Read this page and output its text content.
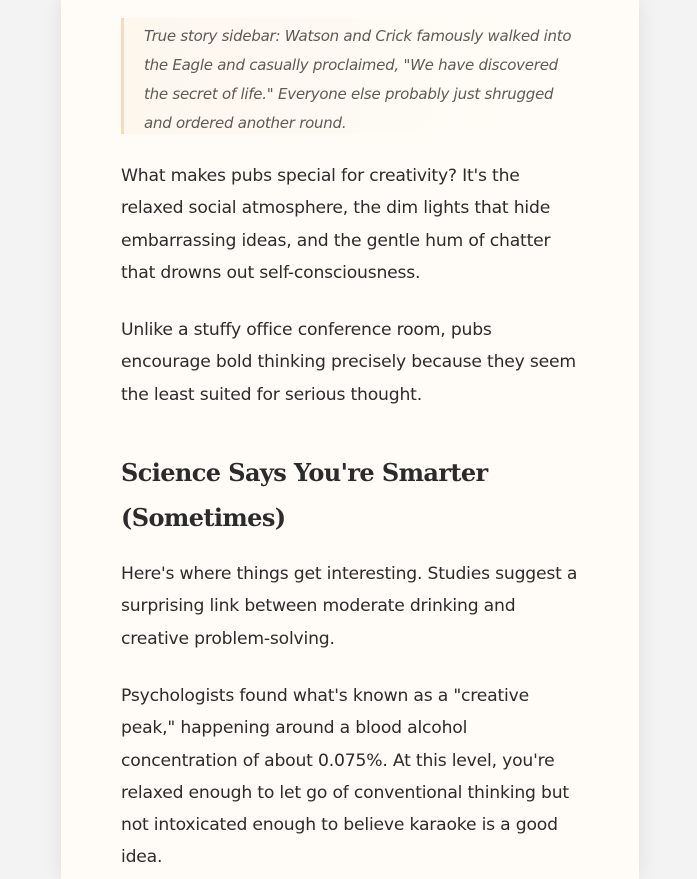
True story sidebar: Watson and Crick famously walked into the Eagle and casually proclaimed, "We have discovered the secret of life." Everyone else probably just shrugged and ordered another round.

What makes pubs special for creativity? It's the relaxed social atmosphere, the dim lights that hide embarrassing ideas, and the gentle hum of chatter that drowns out self-consciousness.

Unlike a stuffy office conference room, pubs encourage bold thinking precisely because they seem the least suited for serious thought.

Science Says You're Smarter (Sometimes)

Here's where things get interesting. Studies suggest a surprising link between moderate drinking and creative problem-solving.

Psychologists found what's known as a "creative peak," happening around a blood alcohol concentration of about 0.075%. At this level, you're relaxed enough to let go of conventional thinking but not intoxicated enough to believe karaoke is a good idea.
